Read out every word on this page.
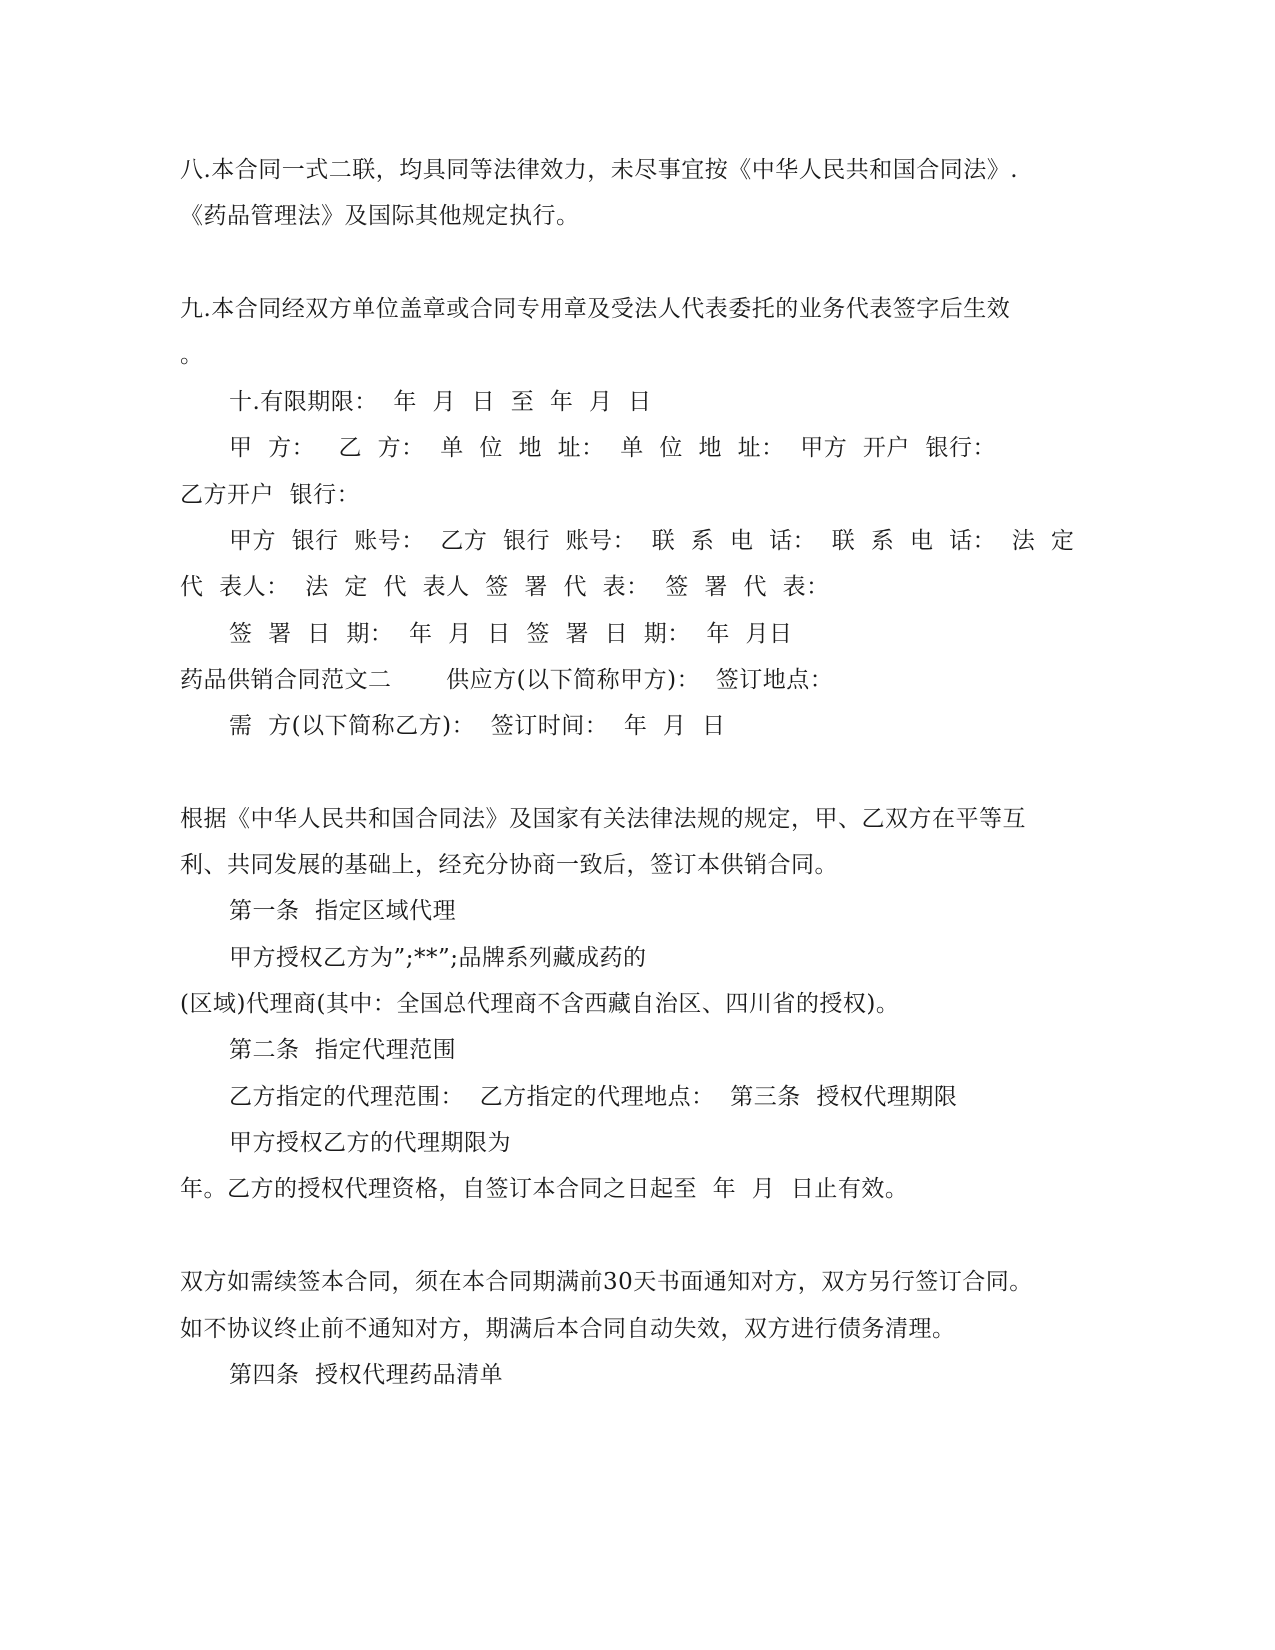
八.本合同一式二联，均具同等法律效力，未尽事宜按《中华人民共和国合同法》.
《药品管理法》及国际其他规定执行。
九.本合同经双方单位盖章或合同专用章及受法人代表委托的业务代表签字后生效
。
十.有限期限：  年  月  日  至  年  月  日
甲  方：   乙  方：  单  位  地  址：  单  位  地  址：  甲方  开户  银行：
乙方开户  银行：
甲方  银行  账号：  乙方  银行  账号：  联  系  电  话：  联  系  电  话：  法  定
代  表人：  法  定  代  表人  签  署  代  表：  签  署  代  表：
签  署  日  期：  年  月  日  签  署  日  期：  年  月日
药品供销合同范文二       供应方(以下简称甲方)：  签订地点：
需  方(以下简称乙方)：  签订时间：  年  月  日
根据《中华人民共和国合同法》及国家有关法律法规的规定，甲、乙双方在平等互
利、共同发展的基础上，经充分协商一致后，签订本供销合同。
第一条  指定区域代理
甲方授权乙方为”;**”;品牌系列藏成药的
(区域)代理商(其中：全国总代理商不含西藏自治区、四川省的授权)。
第二条  指定代理范围
乙方指定的代理范围：  乙方指定的代理地点：  第三条  授权代理期限
甲方授权乙方的代理期限为
年。乙方的授权代理资格，自签订本合同之日起至  年  月  日止有效。
双方如需续签本合同，须在本合同期满前30天书面通知对方，双方另行签订合同。
如不协议终止前不通知对方，期满后本合同自动失效，双方进行债务清理。
第四条  授权代理药品清单
